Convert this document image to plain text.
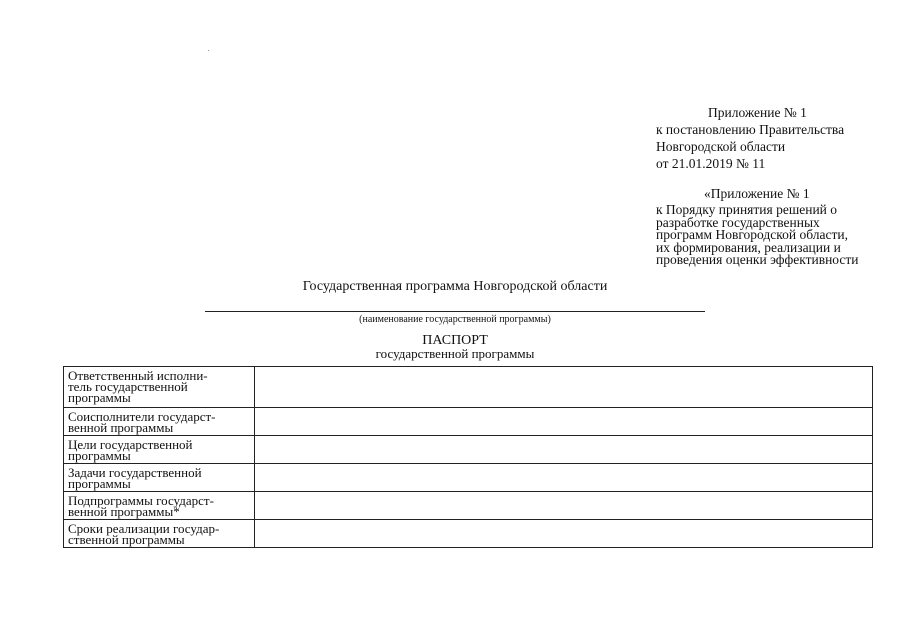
Приложение № 1
к постановлению Правительства
Новгородской области
от 21.01.2019 № 11
«Приложение № 1
к Порядку принятия решений о
разработке государственных
программ Новгородской области,
их формирования, реализации и
проведения оценки эффективности
Государственная программа Новгородской области
(наименование государственной программы)
ПАСПОРТ
государственной программы
Ответственный исполни-
тель государственной
программы	

Соисполнители государст-
венной программы	

Цели государственной
программы	

Задачи государственной
программы	

Подпрограммы государст-
венной программы*	

Сроки реализации государ-
ственной программы	
